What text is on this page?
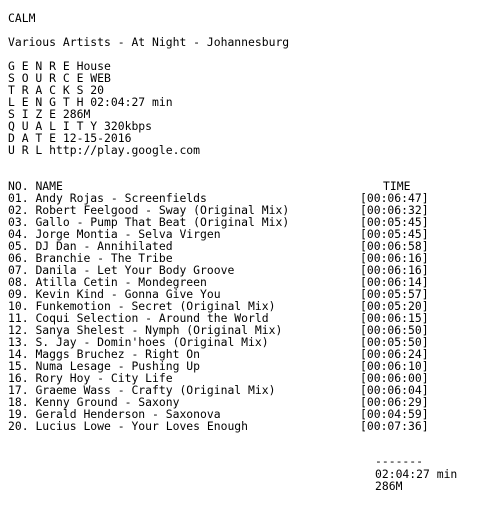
CALM
Various Artists - At Night - Johannesburg
G E N R E House
S O U R C E WEB
T R A C K S 20
L E N G T H 02:04:27 min
S I Z E 286M
Q U A L I T Y 320kbps
D A T E 12-15-2016
U R L http://play.google.com
NO. NAME	TIME
01. Andy Rojas - Screenfields	[00:06:47]
02. Robert Feelgood - Sway (Original Mix)	[00:06:32]
03. Gallo - Pump That Beat (Original Mix)	[00:05:45]
04. Jorge Montia - Selva Virgen	[00:05:45]
05. DJ Dan - Annihilated	[00:06:58]
06. Branchie - The Tribe	[00:06:16]
07. Danila - Let Your Body Groove	[00:06:16]
08. Atilla Cetin - Mondegreen	[00:06:14]
09. Kevin Kind - Gonna Give You	[00:05:57]
10. Funkemotion - Secret (Original Mix)	[00:05:20]
11. Coqui Selection - Around the World	[00:06:15]
12. Sanya Shelest - Nymph (Original Mix)	[00:06:50]
13. S. Jay - Domin'hoes (Original Mix)	[00:05:50]
14. Maggs Bruchez - Right On	[00:06:24]
15. Numa Lesage - Pushing Up	[00:06:10]
16. Rory Hoy - City Life	[00:06:00]
17. Graeme Wass - Crafty (Original Mix)	[00:06:04]
18. Kenny Ground - Saxony	[00:06:29]
19. Gerald Henderson - Saxonova	[00:04:59]
20. Lucius Lowe - Your Loves Enough	[00:07:36]
-------
02:04:27 min
286M
